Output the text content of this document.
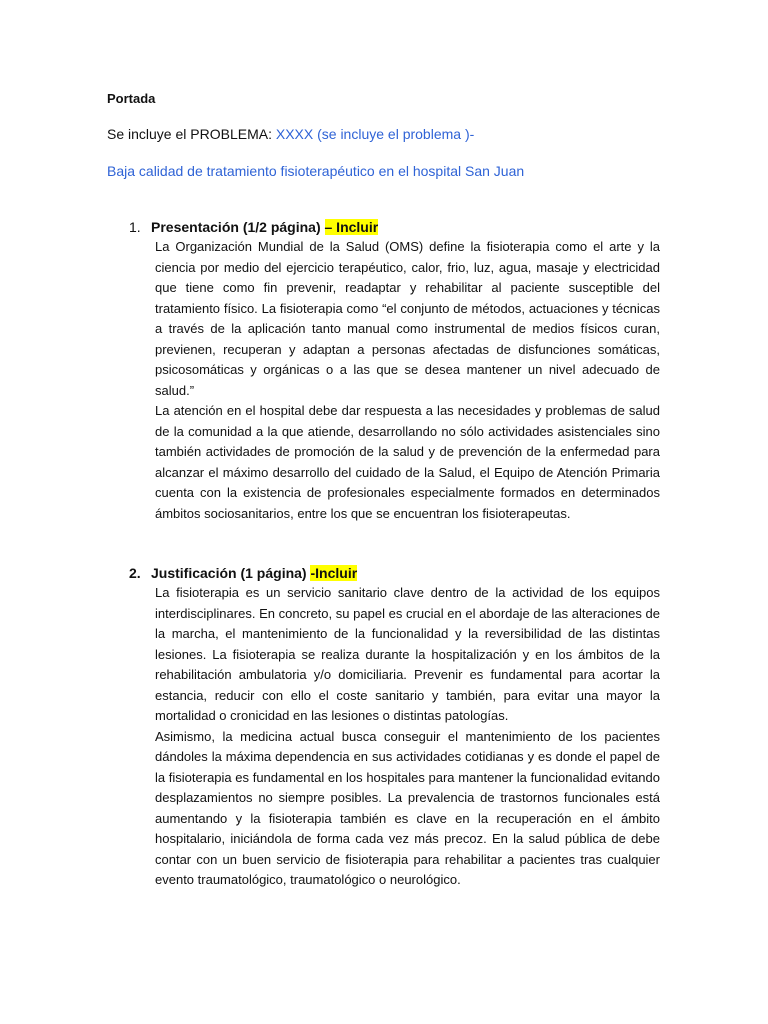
Portada
Se incluye el PROBLEMA: XXXX (se incluye el problema )-
Baja calidad de tratamiento fisioterapéutico en el hospital San Juan
1. Presentación (1/2 página) – Incluir

La Organización Mundial de la Salud (OMS) define la fisioterapia como el arte y la ciencia por medio del ejercicio terapéutico, calor, frio, luz, agua, masaje y electricidad que tiene como fin prevenir, readaptar y rehabilitar al paciente susceptible del tratamiento físico. La fisioterapia como “el conjunto de métodos, actuaciones y técnicas a través de la aplicación tanto manual como instrumental de medios físicos curan, previenen, recuperan y adaptan a personas afectadas de disfunciones somáticas, psicosomáticas y orgánicas o a las que se desea mantener un nivel adecuado de salud.”

La atención en el hospital debe dar respuesta a las necesidades y problemas de salud de la comunidad a la que atiende, desarrollando no sólo actividades asistenciales sino también actividades de promoción de la salud y de prevención de la enfermedad para alcanzar el máximo desarrollo del cuidado de la Salud, el Equipo de Atención Primaria cuenta con la existencia de profesionales especialmente formados en determinados ámbitos sociosanitarios, entre los que se encuentran los fisioterapeutas.

2. Justificación (1 página) -Incluir

La fisioterapia es un servicio sanitario clave dentro de la actividad de los equipos interdisciplinares. En concreto, su papel es crucial en el abordaje de las alteraciones de la marcha, el mantenimiento de la funcionalidad y la reversibilidad de las distintas lesiones. La fisioterapia se realiza durante la hospitalización y en los ámbitos de la rehabilitación ambulatoria y/o domiciliaria. Prevenir es fundamental para acortar la estancia, reducir con ello el coste sanitario y también, para evitar una mayor la mortalidad o cronicidad en las lesiones o distintas patologías.

Asimismo, la medicina actual busca conseguir el mantenimiento de los pacientes dándoles la máxima dependencia en sus actividades cotidianas y es donde el papel de la fisioterapia es fundamental en los hospitales para mantener la funcionalidad evitando desplazamientos no siempre posibles. La prevalencia de trastornos funcionales está aumentando y la fisioterapia también es clave en la recuperación en el ámbito hospitalario, iniciándola de forma cada vez más precoz. En la salud pública de debe contar con un buen servicio de fisioterapia para rehabilitar a pacientes tras cualquier evento traumatológico, traumatológico o neurológico.
